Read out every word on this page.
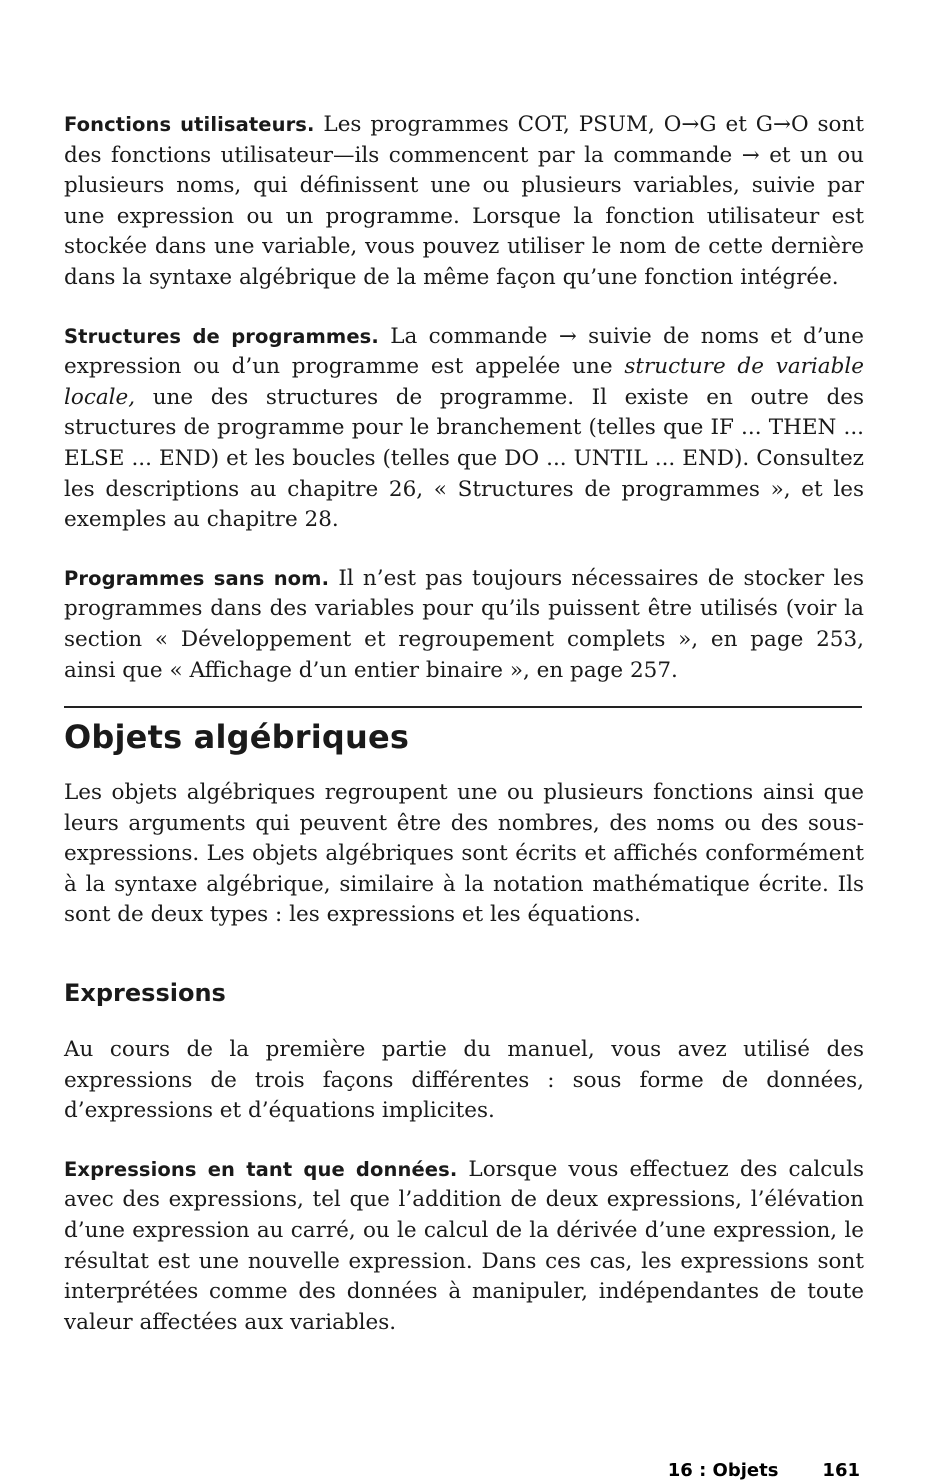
Fonctions utilisateurs. Les programmes COT, PSUM, O→G et G→O sont des fonctions utilisateur—ils commencent par la commande → et un ou plusieurs noms, qui définissent une ou plusieurs variables, suivie par une expression ou un programme. Lorsque la fonction utilisateur est stockée dans une variable, vous pouvez utiliser le nom de cette dernière dans la syntaxe algébrique de la même façon qu’une fonction intégrée.

Structures de programmes. La commande → suivie de noms et d’une expression ou d’un programme est appelée une structure de variable locale, une des structures de programme. Il existe en outre des structures de programme pour le branchement (telles que IF ... THEN ... ELSE ... END) et les boucles (telles que DO ... UNTIL ... END). Consultez les descriptions au chapitre 26, « Structures de programmes », et les exemples au chapitre 28.

Programmes sans nom. Il n’est pas toujours nécessaires de stocker les programmes dans des variables pour qu’ils puissent être utilisés (voir la section « Développement et regroupement complets », en page 253, ainsi que « Affichage d’un entier binaire », en page 257.

Objets algébriques

Les objets algébriques regroupent une ou plusieurs fonctions ainsi que leurs arguments qui peuvent être des nombres, des noms ou des sous-expressions. Les objets algébriques sont écrits et affichés conformément à la syntaxe algébrique, similaire à la notation mathématique écrite. Ils sont de deux types : les expressions et les équations.

Expressions

Au cours de la première partie du manuel, vous avez utilisé des expressions de trois façons différentes : sous forme de données, d’expressions et d’équations implicites.

Expressions en tant que données. Lorsque vous effectuez des calculs avec des expressions, tel que l’addition de deux expressions, l’élévation d’une expression au carré, ou le calcul de la dérivée d’une expression, le résultat est une nouvelle expression. Dans ces cas, les expressions sont interprétées comme des données à manipuler, indépendantes de toute valeur affectées aux variables.

16 : Objets 161
